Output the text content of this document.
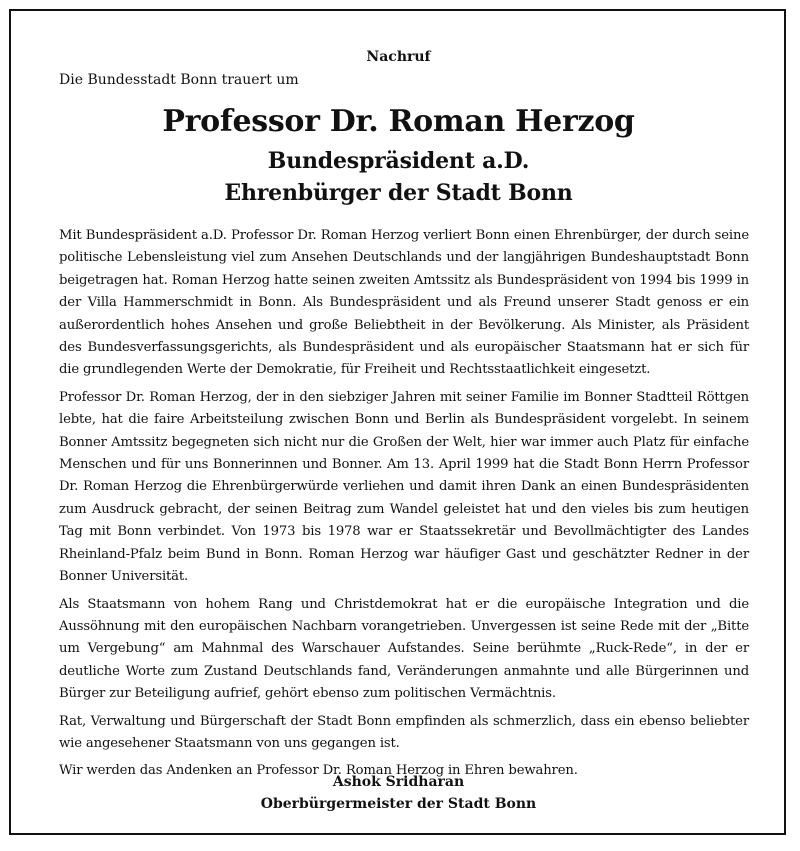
Nachruf
Die Bundesstadt Bonn trauert um
Professor Dr. Roman Herzog
Bundespräsident a.D.
Ehrenbürger der Stadt Bonn

Mit Bundespräsident a.D. Professor Dr. Roman Herzog verliert Bonn einen Ehrenbürger, der durch seine politische Lebensleistung viel zum Ansehen Deutschlands und der langjährigen Bundeshauptstadt Bonn beigetragen hat. Roman Herzog hatte seinen zweiten Amtssitz als Bundespräsident von 1994 bis 1999 in der Villa Hammerschmidt in Bonn. Als Bundespräsident und als Freund unserer Stadt genoss er ein außerordentlich hohes Ansehen und große Beliebtheit in der Bevölkerung. Als Minister, als Präsident des Bundesverfassungsgerichts, als Bundespräsident und als europäischer Staatsmann hat er sich für die grundlegenden Werte der Demokratie, für Freiheit und Rechtsstaatlichkeit eingesetzt.

Professor Dr. Roman Herzog, der in den siebziger Jahren mit seiner Familie im Bonner Stadtteil Röttgen lebte, hat die faire Arbeitsteilung zwischen Bonn und Berlin als Bundespräsident vorgelebt. In seinem Bonner Amtssitz begegneten sich nicht nur die Großen der Welt, hier war immer auch Platz für einfache Menschen und für uns Bonnerinnen und Bonner. Am 13. April 1999 hat die Stadt Bonn Herrn Professor Dr. Roman Herzog die Ehrenbürgerwürde verliehen und damit ihren Dank an einen Bundespräsidenten zum Ausdruck gebracht, der seinen Beitrag zum Wandel geleistet hat und den vieles bis zum heutigen Tag mit Bonn verbindet. Von 1973 bis 1978 war er Staatssekretär und Bevollmächtigter des Landes Rheinland-Pfalz beim Bund in Bonn. Roman Herzog war häufiger Gast und geschätzter Redner in der Bonner Universität.

Als Staatsmann von hohem Rang und Christdemokrat hat er die europäische Integration und die Aussöhnung mit den europäischen Nachbarn vorangetrieben. Unvergessen ist seine Rede mit der „Bitte um Vergebung“ am Mahnmal des Warschauer Aufstandes. Seine berühmte „Ruck-Rede“, in der er deutliche Worte zum Zustand Deutschlands fand, Veränderungen anmahnte und alle Bürgerinnen und Bürger zur Beteiligung aufrief, gehört ebenso zum politischen Vermächtnis.

Rat, Verwaltung und Bürgerschaft der Stadt Bonn empfinden als schmerzlich, dass ein ebenso beliebter wie angesehener Staatsmann von uns gegangen ist.

Wir werden das Andenken an Professor Dr. Roman Herzog in Ehren bewahren.

Ashok Sridharan
Oberbürgermeister der Stadt Bonn
